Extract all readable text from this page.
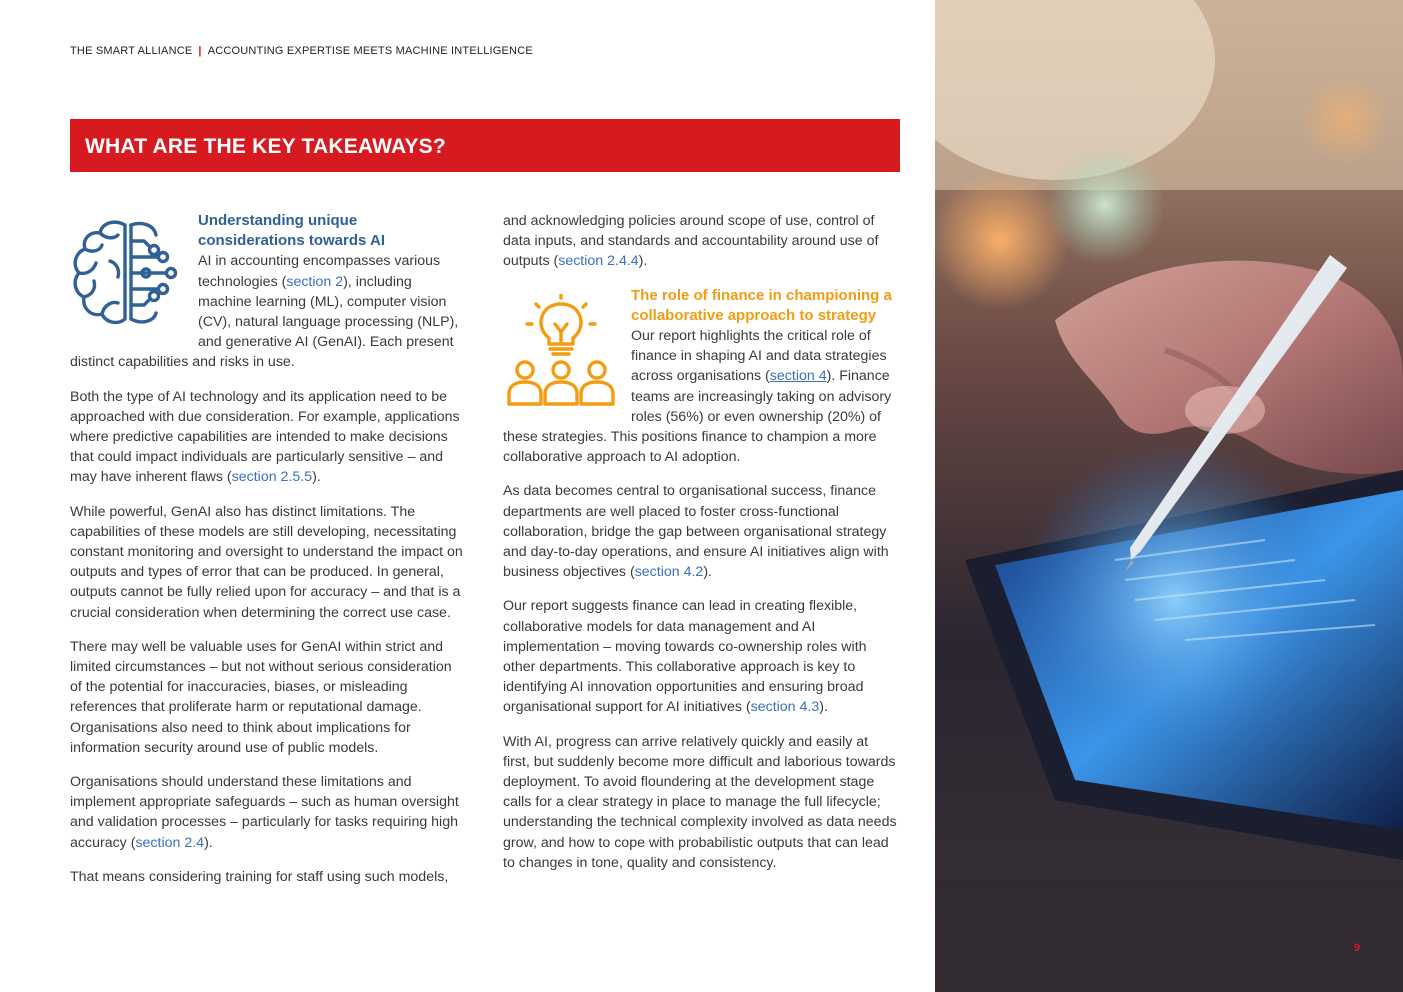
THE SMART ALLIANCE | ACCOUNTING EXPERTISE MEETS MACHINE INTELLIGENCE
WHAT ARE THE KEY TAKEAWAYS?
Understanding unique considerations towards AI

AI in accounting encompasses various technologies (section 2), including machine learning (ML), computer vision (CV), natural language processing (NLP), and generative AI (GenAI). Each present distinct capabilities and risks in use.

Both the type of AI technology and its application need to be approached with due consideration. For example, applications where predictive capabilities are intended to make decisions that could impact individuals are particularly sensitive – and may have inherent flaws (section 2.5.5).

While powerful, GenAI also has distinct limitations. The capabilities of these models are still developing, necessitating constant monitoring and oversight to understand the impact on outputs and types of error that can be produced. In general, outputs cannot be fully relied upon for accuracy – and that is a crucial consideration when determining the correct use case.

There may well be valuable uses for GenAI within strict and limited circumstances – but not without serious consideration of the potential for inaccuracies, biases, or misleading references that proliferate harm or reputational damage. Organisations also need to think about implications for information security around use of public models.

Organisations should understand these limitations and implement appropriate safeguards – such as human oversight and validation processes – particularly for tasks requiring high accuracy (section 2.4).

That means considering training for staff using such models,

and acknowledging policies around scope of use, control of data inputs, and standards and accountability around use of outputs (section 2.4.4).

The role of finance in championing a collaborative approach to strategy

Our report highlights the critical role of finance in shaping AI and data strategies across organisations (section 4). Finance teams are increasingly taking on advisory roles (56%) or even ownership (20%) of these strategies. This positions finance to champion a more collaborative approach to AI adoption.

As data becomes central to organisational success, finance departments are well placed to foster cross-functional collaboration, bridge the gap between organisational strategy and day-to-day operations, and ensure AI initiatives align with business objectives (section 4.2).

Our report suggests finance can lead in creating flexible, collaborative models for data management and AI implementation – moving towards co-ownership roles with other departments. This collaborative approach is key to identifying AI innovation opportunities and ensuring broad organisational support for AI initiatives (section 4.3).

With AI, progress can arrive relatively quickly and easily at first, but suddenly become more difficult and laborious towards deployment. To avoid floundering at the development stage calls for a clear strategy in place to manage the full lifecycle; understanding the technical complexity involved as data needs grow, and how to cope with probabilistic outputs that can lead to changes in tone, quality and consistency.

9
